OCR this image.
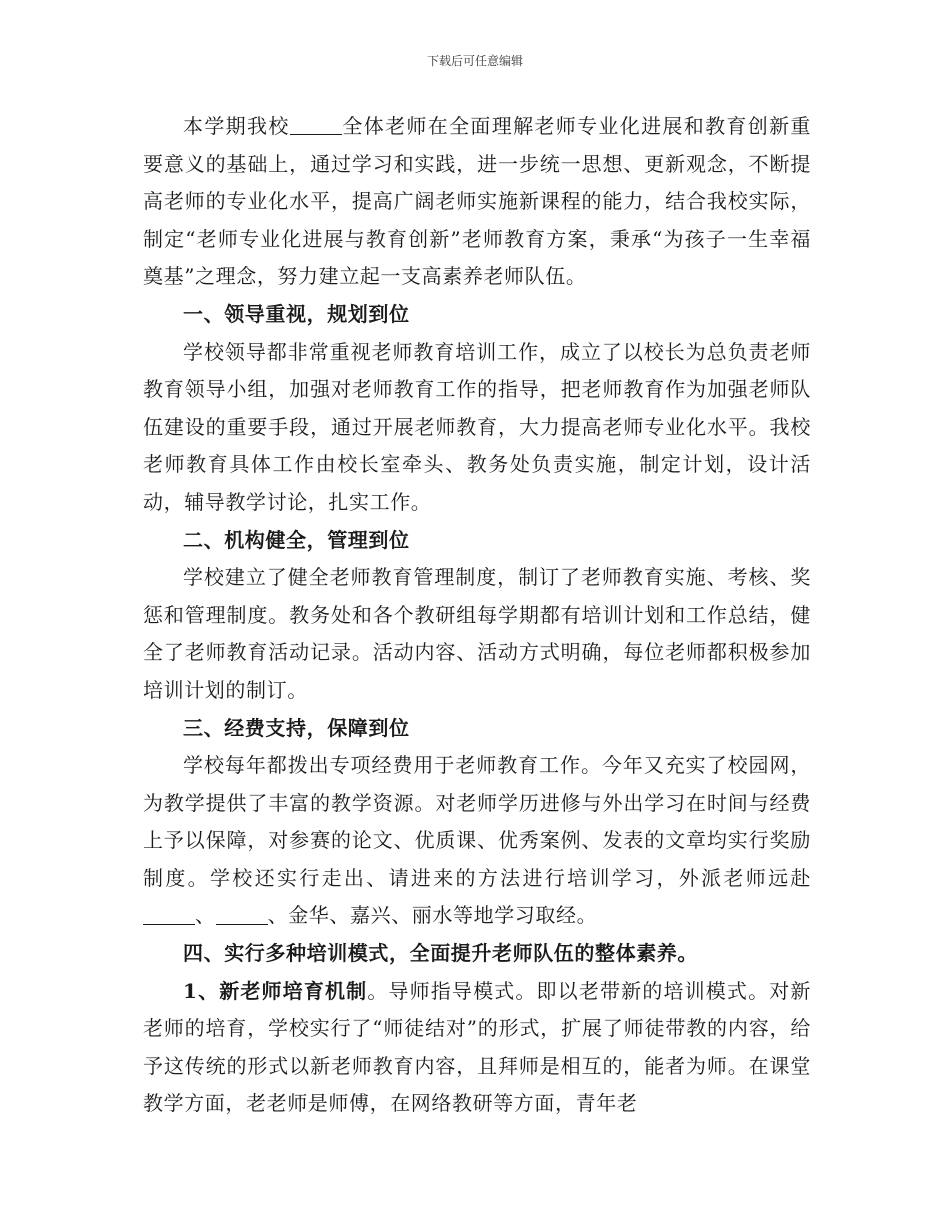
下载后可任意编辑

本学期我校	全体老师在全面理解老师专业化进展和教育创新重要意义的基础上，通过学习和实践，进一步统一思想、更新观念，不断提高老师的专业化水平，提高广阔老师实施新课程的能力，结合我校实际，制定“老师专业化进展与教育创新”老师教育方案，秉承“为孩子一生幸福奠基”之理念，努力建立起一支高素养老师队伍。

一、领导重视，规划到位

学校领导都非常重视老师教育培训工作，成立了以校长为总负责老师教育领导小组，加强对老师教育工作的指导，把老师教育作为加强老师队伍建设的重要手段，通过开展老师教育，大力提高老师专业化水平。我校老师教育具体工作由校长室牵头、教务处负责实施，制定计划，设计活动，辅导教学讨论，扎实工作。

二、机构健全，管理到位

学校建立了健全老师教育管理制度，制订了老师教育实施、考核、奖惩和管理制度。教务处和各个教研组每学期都有培训计划和工作总结，健全了老师教育活动记录。活动内容、活动方式明确，每位老师都积极参加培训计划的制订。

三、经费支持，保障到位

学校每年都拨出专项经费用于老师教育工作。今年又充实了校园网，为教学提供了丰富的教学资源。对老师学历进修与外出学习在时间与经费上予以保障，对参赛的论文、优质课、优秀案例、发表的文章均实行奖励制度。学校还实行走出、请进来的方法进行培训学习，外派老师远赴、	、金华、嘉兴、丽水等地学习取经。

四、实行多种培训模式，全面提升老师队伍的整体素养。

1、新老师培育机制。导师指导模式。即以老带新的培训模式。对新老师的培育，学校实行了“师徒结对”的形式，扩展了师徒带教的内容，给予这传统的形式以新老师教育内容，且拜师是相互的，能者为师。在课堂教学方面，老老师是师傅，在网络教研等方面，青年老
